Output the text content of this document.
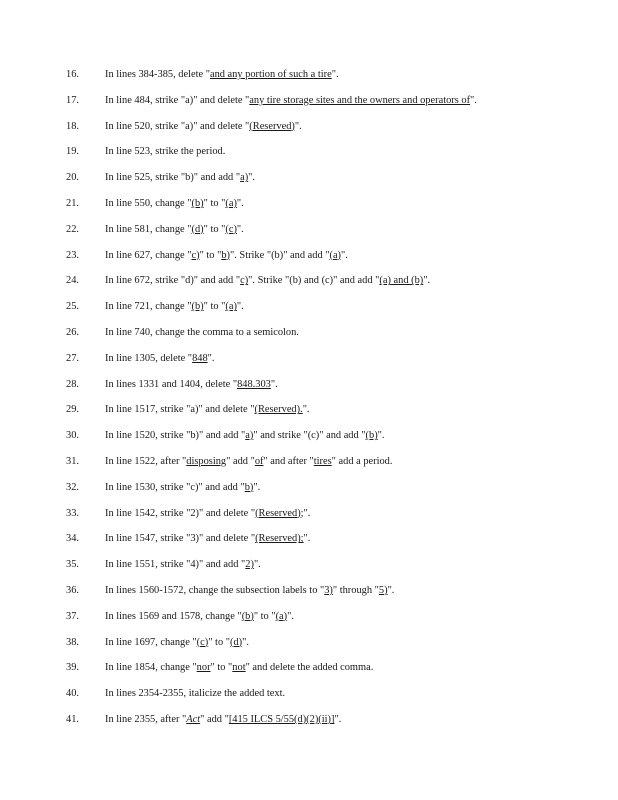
16.	In lines 384-385, delete "and any portion of such a tire".
17.	In line 484, strike "a)" and delete "any tire storage sites and the owners and operators of".
18.	In line 520, strike "a)" and delete "(Reserved)".
19.	In line 523, strike the period.
20.	In line 525, strike "b)" and add "a)".
21.	In line 550, change "(b)" to "(a)".
22.	In line 581, change "(d)" to "(c)".
23.	In line 627, change "c)" to "b)". Strike "(b)" and add "(a)".
24.	In line 672, strike "d)" and add "c)". Strike "(b) and (c)" and add "(a) and (b)".
25.	In line 721, change "(b)" to "(a)".
26.	In line 740, change the comma to a semicolon.
27.	In line 1305, delete "848".
28.	In lines 1331 and 1404, delete "848.303".
29.	In line 1517, strike "a)" and delete "(Reserved).".
30.	In line 1520, strike "b)" and add "a)" and strike "(c)" and add "(b)".
31.	In line 1522, after "disposing" add "of" and after "tires" add a period.
32.	In line 1530, strike "c)" and add "b)".
33.	In line 1542, strike "2)" and delete "(Reserved);".
34.	In line 1547, strike "3)" and delete "(Reserved);".
35.	In line 1551, strike "4)" and add "2)".
36.	In lines 1560-1572, change the subsection labels to "3)" through "5)".
37.	In lines 1569 and 1578, change "(b)" to "(a)".
38.	In line 1697, change "(c)" to "(d)".
39.	In line 1854, change "nor" to "not" and delete the added comma.
40.	In lines 2354-2355, italicize the added text.
41.	In line 2355, after "Act" add "[415 ILCS 5/55(d)(2)(ii)]".
